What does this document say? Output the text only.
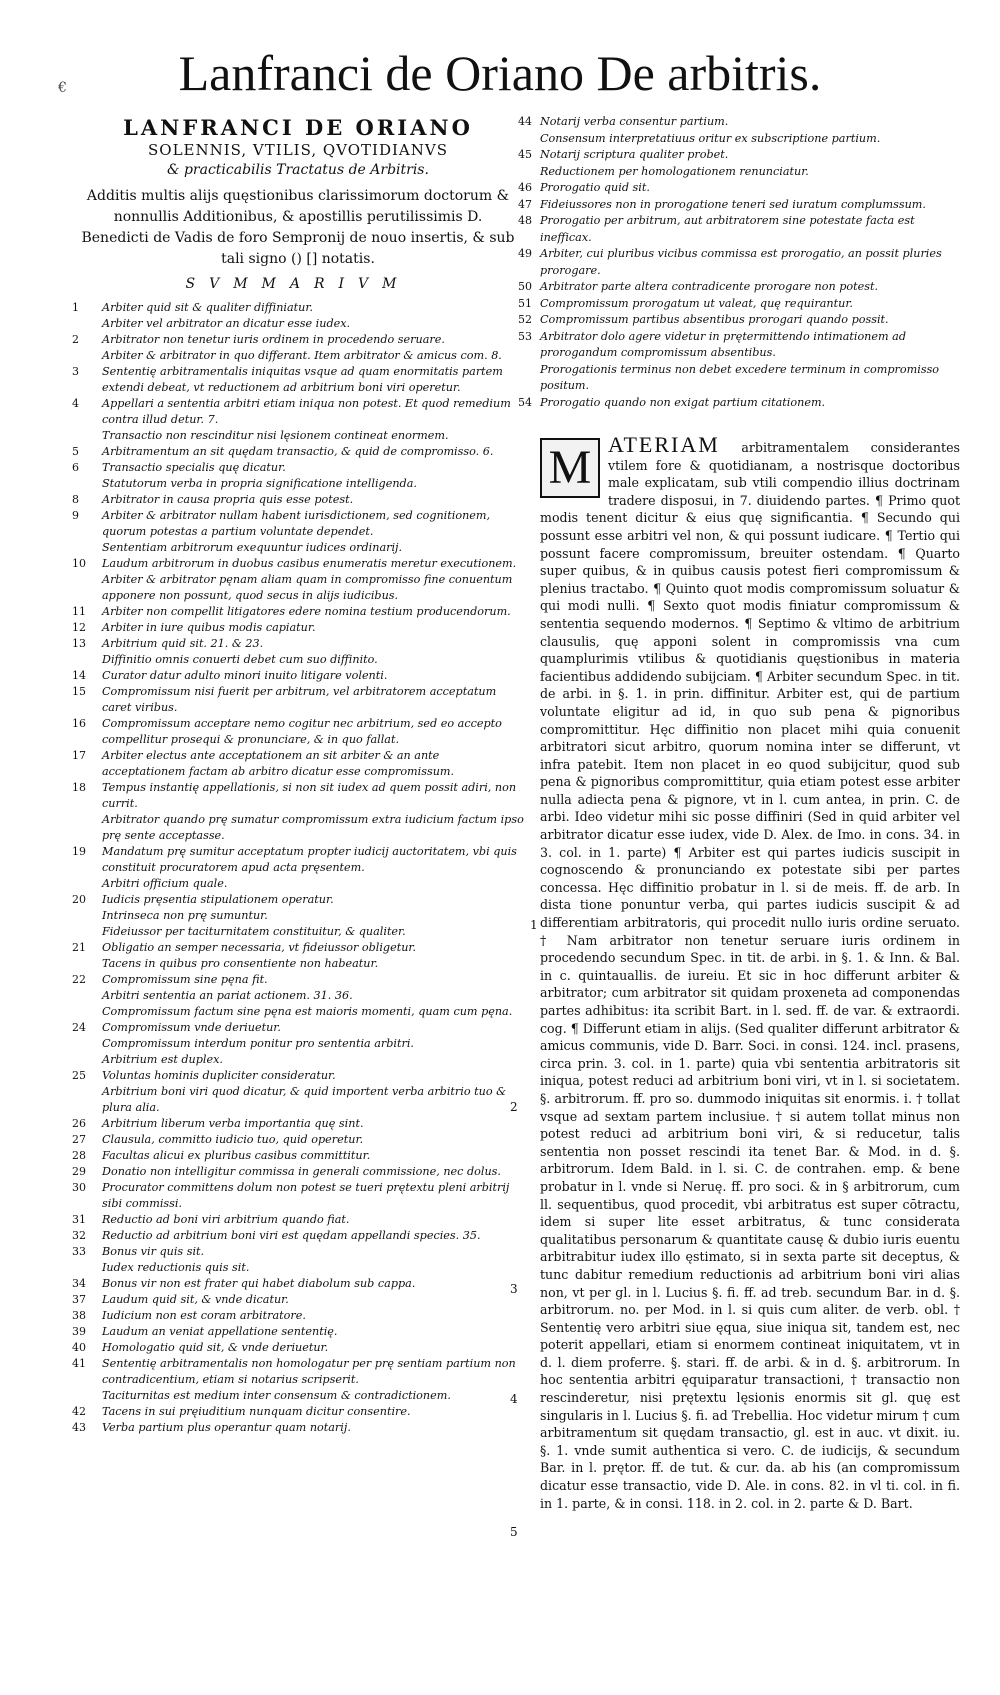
€	Lanfranci de Oriano De arbitris.
LANFRANCI DE ORIANO
SOLENNIS, VTILIS, QVOTIDIANVS
& practicabilis Tractatus de Arbitris.
Additis multis alijs quęstionibus clarissimorum doctorum & nonnullis Additionibus, & apostillis perutilissimis D. Benedicti de Vadis de foro Sempronij de nouo insertis, & sub tali signo () [] notatis.
SVMMARIVM
1	Arbiter quid sit & qualiter diffiniatur.
Arbiter vel arbitrator an dicatur esse iudex.
2	Arbitrator non tenetur iuris ordinem in procedendo seruare.
Arbiter & arbitrator in quo differant. Item arbitrator & amicus com. 8.
3	Sententię arbitramentalis iniquitas vsque ad quam enormitatis partem extendi debeat, vt reductionem ad arbitrium boni viri operetur.
4	Appellari a sententia arbitri etiam iniqua non potest. Et quod remedium contra illud detur. 7.
Transactio non rescinditur nisi lęsionem contineat enormem.
5	Arbitramentum an sit quędam transactio, & quid de compromisso. 6.
6	Transactio specialis quę dicatur.
Statutorum verba in propria significatione intelligenda.
8	Arbitrator in causa propria quis esse potest.
9	Arbiter & arbitrator nullam habent iurisdictionem, sed cognitionem, quorum potestas a partium voluntate dependet.
Sententiam arbitrorum exequuntur iudices ordinarij.
10	Laudum arbitrorum in duobus casibus enumeratis meretur executionem.
Arbiter & arbitrator pęnam aliam quam in compromisso fine conuentum apponere non possunt, quod secus in alijs iudicibus.
11	Arbiter non compellit litigatores edere nomina testium producendorum.
12	Arbiter in iure quibus modis capiatur.
13	Arbitrium quid sit. 21. & 23.
Diffinitio omnis conuerti debet cum suo diffinito.
14	Curator datur adulto minori inuito litigare volenti.
15	Compromissum nisi fuerit per arbitrum, vel arbitratorem acceptatum caret viribus.
16	Compromissum acceptare nemo cogitur nec arbitrium, sed eo accepto compellitur prosequi & pronunciare, & in quo fallat.
17	Arbiter electus ante acceptationem an sit arbiter & an ante acceptationem factam ab arbitro dicatur esse compromissum.
18	Tempus instantię appellationis, si non sit iudex ad quem possit adiri, non currit.
Arbitrator quando prę sumatur compromissum extra iudicium factum ipso prę sente acceptasse.
19	Mandatum prę sumitur acceptatum propter iudicij auctoritatem, vbi quis constituit procuratorem apud acta pręsentem.
Arbitri officium quale.
20	Iudicis pręsentia stipulationem operatur.
Intrinseca non prę sumuntur.
Fideiussor per taciturnitatem constituitur, & qualiter.
21	Obligatio an semper necessaria, vt fideiussor obligetur.
Tacens in quibus pro consentiente non habeatur.
22	Compromissum sine pęna fit.
Arbitri sententia an pariat actionem. 31. 36.
Compromissum factum sine pęna est maioris momenti, quam cum pęna.
24	Compromissum vnde deriuetur.
Compromissum interdum ponitur pro sententia arbitri.
Arbitrium est duplex.
25	Voluntas hominis dupliciter consideratur.
Arbitrium boni viri quod dicatur, & quid importent verba arbitrio tuo & plura alia.
26	Arbitrium liberum verba importantia quę sint.
27	Clausula, committo iudicio tuo, quid operetur.
28	Facultas alicui ex pluribus casibus committitur.
29	Donatio non intelligitur commissa in generali commissione, nec dolus.
30	Procurator committens dolum non potest se tueri prętextu pleni arbitrij sibi commissi.
31	Reductio ad boni viri arbitrium quando fiat.
32	Reductio ad arbitrium boni viri est quędam appellandi species. 35.
33	Bonus vir quis sit.
Iudex reductionis quis sit.
34	Bonus vir non est frater qui habet diabolum sub cappa.
37	Laudum quid sit, & vnde dicatur.
38	Iudicium non est coram arbitratore.
39	Laudum an veniat appellatione sententię.
40	Homologatio quid sit, & vnde deriuetur.
41	Sententię arbitramentalis non homologatur per prę sentiam partium non contradicentium, etiam si notarius scripserit.
Taciturnitas est medium inter consensum & contradictionem.
42	Tacens in sui pręiuditium nunquam dicitur consentire.
43	Verba partium plus operantur quam notarij.
44 Notarij verba consentur partium.
Consensum interpretatiuus oritur ex subscriptione partium.
45 Notarij scriptura qualiter probet.
Reductionem per homologationem renunciatur.
46 Prorogatio quid sit.
47 Fideiussores non in prorogatione teneri sed iuratum complumssum.
48 Prorogatio per arbitrum, aut arbitratorem sine potestate facta est inefficax.
49 Arbiter, cui pluribus vicibus commissa est prorogatio, an possit pluries prorogare.
50 Arbitrator parte altera contradicente prorogare non potest.
51 Compromissum prorogatum ut valeat, quę requirantur.
52 Compromissum partibus absentibus prorogari quando possit.
53 Arbitrator dolo agere videtur in prętermittendo intimationem ad prorogandum compromissum absentibus.
Prorogationis terminus non debet excedere terminum in compromisso positum.
54 Prorogatio quando non exigat partium citationem.
M ATERIAM arbitramentalem considerantes vtilem fore & quotidianam, a nostrisque doctoribus male explicatam, sub vtili compendio illius doctrinam tradere disposui, in 7. diuidendo partes. ¶ Primo quot modis tenent dicitur & eius quę significantia. ¶ Secundo qui possunt esse arbitri vel non, & qui possunt iudicare. ¶ Tertio qui possunt facere compromissum, breuiter ostendam. ¶ Quarto super quibus, & in quibus causis potest fieri compromissum & plenius tractabo. ¶ Quinto quot modis compromissum soluatur & qui modi nulli. ¶ Sexto quot modis finiatur compromissum & sententia sequendo modernos. ¶ Septimo & vltimo de arbitrium clausulis, quę apponi solent in compromissis vna cum quamplurimis vtilibus & quotidianis quęstionibus in materia facientibus addidendo subijciam. ¶ Arbiter secundum Spec. in tit. de arbi. in §. 1. in prin. diffinitur. Arbiter est, qui de partium voluntate eligitur ad id, in quo sub pena & pignoribus compromittitur. Hęc diffinitio non placet mihi quia conuenit arbitratori sicut arbitro, quorum nomina inter se differunt, vt infra patebit. Item non placet in eo quod subijcitur, quod sub pena & pignoribus compromittitur, quia etiam potest esse arbiter nulla adiecta pena & pignore, vt in l. cum antea, in prin. C. de arbi. Ideo videtur mihi sic posse diffiniri (Sed in quid arbiter vel arbitrator dicatur esse iudex, vide D. Alex. de Imo. in cons. 34. in 3. col. in 1. parte) ¶ Arbiter est qui partes iudicis suscipit in cognoscendo & pronunciando ex potestate sibi per partes concessa. Hęc diffinitio probatur in l. si de meis. ff. de arb. In dista tione ponuntur verba, qui partes iudicis suscipit & ad differentiam arbitratoris, qui procedit nullo iuris ordine seruato. † Nam arbitrator non tenetur seruare iuris ordinem in procedendo secundum Spec. in tit. de arbi. in §. 1. & Inn. & Bal. in c. quintauallis. de iureiu. Et sic in hoc differunt arbiter & arbitrator; cum arbitrator sit quidam proxeneta ad componendas partes adhibitus: ita scribit Bart. in l. sed. ff. de var. & extraordi. cog. ¶ Differunt etiam in alijs. (Sed qualiter differunt arbitrator & amicus communis, vide D. Barr. Soci. in consi. 124. incl. prasens, circa prin. 3. col. in 1. parte) quia vbi sententia arbitratoris sit iniqua, potest reduci ad arbitrium boni viri, vt in l. si societatem. §. arbitrorum. ff. pro so. dummodo iniquitas sit enormis. i. † tollat vsque ad sextam partem inclusiue. † si autem tollat minus non potest reduci ad arbitrium boni viri, & si reducetur, talis sententia non posset rescindi ita tenet Bar. & Mod. in d. §. arbitrorum. Idem Bald. in l. si. C. de contrahen. emp. & bene probatur in l. vnde si Neruę. ff. pro soci. & in § arbitrorum, cum ll. sequentibus, quod procedit, vbi arbitratus est super cōtractu, idem si super lite esset arbitratus, & tunc considerata qualitatibus personarum & quantitate causę & dubio iuris euentu arbitrabitur iudex illo ęstimato, si in sexta parte sit deceptus, & tunc dabitur remedium reductionis ad arbitrium boni viri alias non, vt per gl. in l. Lucius §. fi. ff. ad treb. secundum Bar. in d. §. arbitrorum. no. per Mod. in l. si quis cum aliter. de verb. obl. † Sententię vero arbitri siue ęqua, siue iniqua sit, tandem est, nec poterit appellari, etiam si enormem contineat iniquitatem, vt in d. l. diem proferre. §. stari. ff. de arbi. & in d. §. arbitrorum. In hoc sententia arbitri ęquiparatur transactioni, † transactio non rescinderetur, nisi prętextu lęsionis enormis sit gl. quę est singularis in l. Lucius §. fi. ad Trebellia. Hoc videtur mirum † cum arbitramentum sit quędam transactio, gl. est in auc. vt dixit. iu. §. 1. vnde sumit authentica si vero. C. de iudicijs, & secundum Bar. in l. prętor. ff. de tut. & cur. da. ab his (an compromissum dicatur esse transactio, vide D. Ale. in cons. 82. in vl ti. col. in fi. in 1. parte, & in consi. 118. in 2. col. in 2. parte & D. Bart.
1
2
3
4
5
